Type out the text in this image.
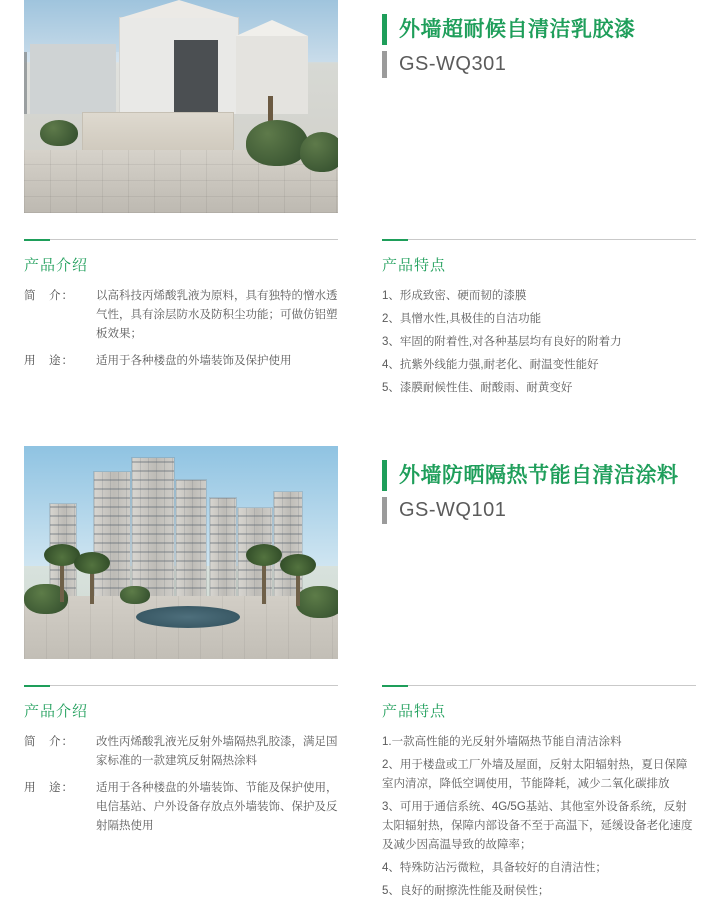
外墙超耐候自清洁乳胶漆
GS-WQ301
产品介绍
简　介：	以高科技丙烯酸乳液为原料，具有独特的憎水透气性，具有涂层防水及防积尘功能；可做仿铝塑板效果；
用　途：	适用于各种楼盘的外墙装饰及保护使用
产品特点
1、形成致密、硬而韧的漆膜
2、具憎水性,具极佳的自洁功能
3、牢固的附着性,对各种基层均有良好的附着力
4、抗紫外线能力强,耐老化、耐温变性能好
5、漆膜耐候性佳、耐酸雨、耐黄变好
外墙防晒隔热节能自清洁涂料
GS-WQ101
产品介绍
简　介：	改性丙烯酸乳液光反射外墙隔热乳胶漆，满足国家标准的一款建筑反射隔热涂料
用　途：	适用于各种楼盘的外墙装饰、节能及保护使用，电信基站、户外设备存放点外墙装饰、保护及反射隔热使用
产品特点
1.一款高性能的光反射外墙隔热节能自清洁涂料
2、用于楼盘或工厂外墙及屋面，反射太阳辐射热，夏日保障室内清凉，降低空调使用，节能降耗，减少二氧化碳排放
3、可用于通信系统、4G/5G基站、其他室外设备系统，反射太阳辐射热，保障内部设备不至于高温下，延缓设备老化速度及减少因高温导致的故障率；
4、特殊防沾污微粒，具备较好的自清洁性；
5、良好的耐擦洗性能及耐侯性；
